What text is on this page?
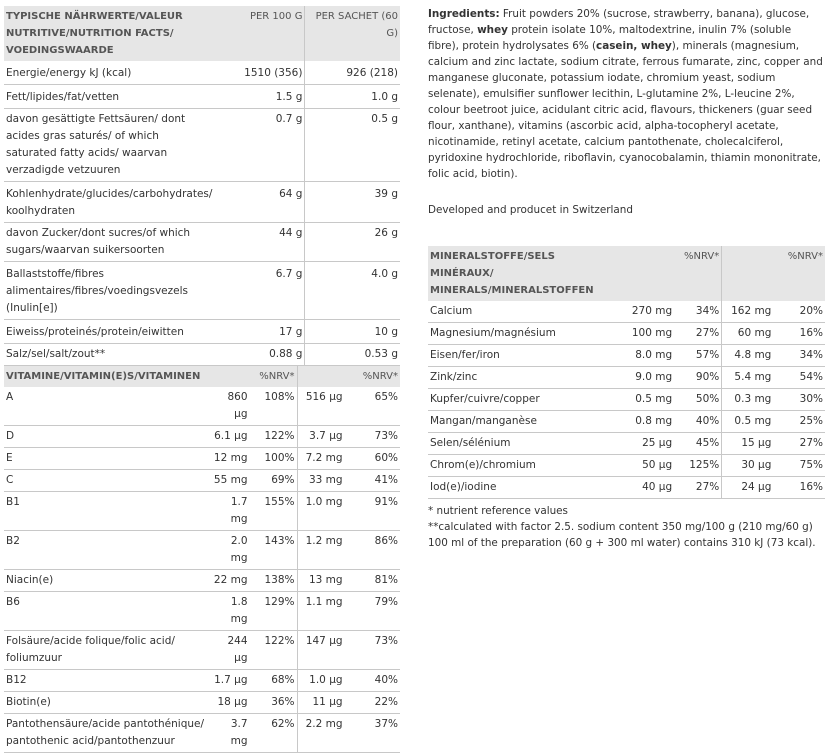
TYPISCHE NÄHRWERTE/VALEUR NUTRITIVE/NUTRITION FACTS/ VOEDINGSWAARDE	PER 100 G	PER SACHET (60 G)
Energie/energy kJ (kcal)	1510 (356)	926 (218)
Fett/lipides/fat/vetten	1.5 g	1.0 g
davon gesättigte Fettsäuren/ dont acides gras saturés/ of which saturated fatty acids/ waarvan verzadigde vetzuuren	0.7 g	0.5 g
Kohlenhydrate/glucides/carbohydrates/ koolhydraten	64 g	39 g
davon Zucker/dont sucres/of which sugars/waarvan suikersoorten	44 g	26 g
Ballaststoffe/fibres alimentaires/fibres/voedingsvezels (Inulin[e])	6.7 g	4.0 g
Eiweiss/proteinés/protein/eiwitten	17 g	10 g
Salz/sel/salt/zout**	0.88 g	0.53 g
VITAMINE/VITAMIN(E)S/VITAMINEN		%NRV*		%NRV*
A	860 µg	108%	516 µg	65%
D	6.1 µg	122%	3.7 µg	73%
E	12 mg	100%	7.2 mg	60%
C	55 mg	69%	33 mg	41%
B1	1.7 mg	155%	1.0 mg	91%
B2	2.0 mg	143%	1.2 mg	86%
Niacin(e)	22 mg	138%	13 mg	81%
B6	1.8 mg	129%	1.1 mg	79%
Folsäure/acide folique/folic acid/ foliumzuur	244 µg	122%	147 µg	73%
B12	1.7 µg	68%	1.0 µg	40%
Biotin(e)	18 µg	36%	11 µg	22%
Pantothensäure/acide pantothénique/ pantothenic acid/pantothenzuur	3.7 mg	62%	2.2 mg	37%

Ingredients: Fruit powders 20% (sucrose, strawberry, banana), glucose, fructose, whey protein isolate 10%, maltodextrine, inulin 7% (soluble fibre), protein hydrolysates 6% (casein, whey), minerals (magnesium, calcium and zinc lactate, sodium citrate, ferrous fumarate, zinc, copper and manganese gluconate, potassium iodate, chromium yeast, sodium selenate), emulsifier sunflower lecithin, L-glutamine 2%, L-leucine 2%, colour beetroot juice, acidulant citric acid, flavours, thickeners (guar seed flour, xanthane), vitamins (ascorbic acid, alpha-tocopheryl acetate, nicotinamide, retinyl acetate, calcium pantothenate, cholecalciferol, pyridoxine hydrochloride, riboflavin, cyanocobalamin, thiamin mononitrate, folic acid, biotin).

Developed and producet in Switzerland
MINERALSTOFFE/SELS MINÉRAUX/ MINERALS/MINERALSTOFFEN		%NRV*		%NRV*
Calcium	270 mg	34%	162 mg	20%
Magnesium/magnésium	100 mg	27%	60 mg	16%
Eisen/fer/iron	8.0 mg	57%	4.8 mg	34%
Zink/zinc	9.0 mg	90%	5.4 mg	54%
Kupfer/cuivre/copper	0.5 mg	50%	0.3 mg	30%
Mangan/manganèse	0.8 mg	40%	0.5 mg	25%
Selen/sélénium	25 µg	45%	15 µg	27%
Chrom(e)/chromium	50 µg	125%	30 µg	75%
Iod(e)/iodine	40 µg	27%	24 µg	16%
* nutrient reference values
**calculated with factor 2.5. sodium content 350 mg/100 g (210 mg/60 g)
100 ml of the preparation (60 g + 300 ml water) contains 310 kJ (73 kcal).
